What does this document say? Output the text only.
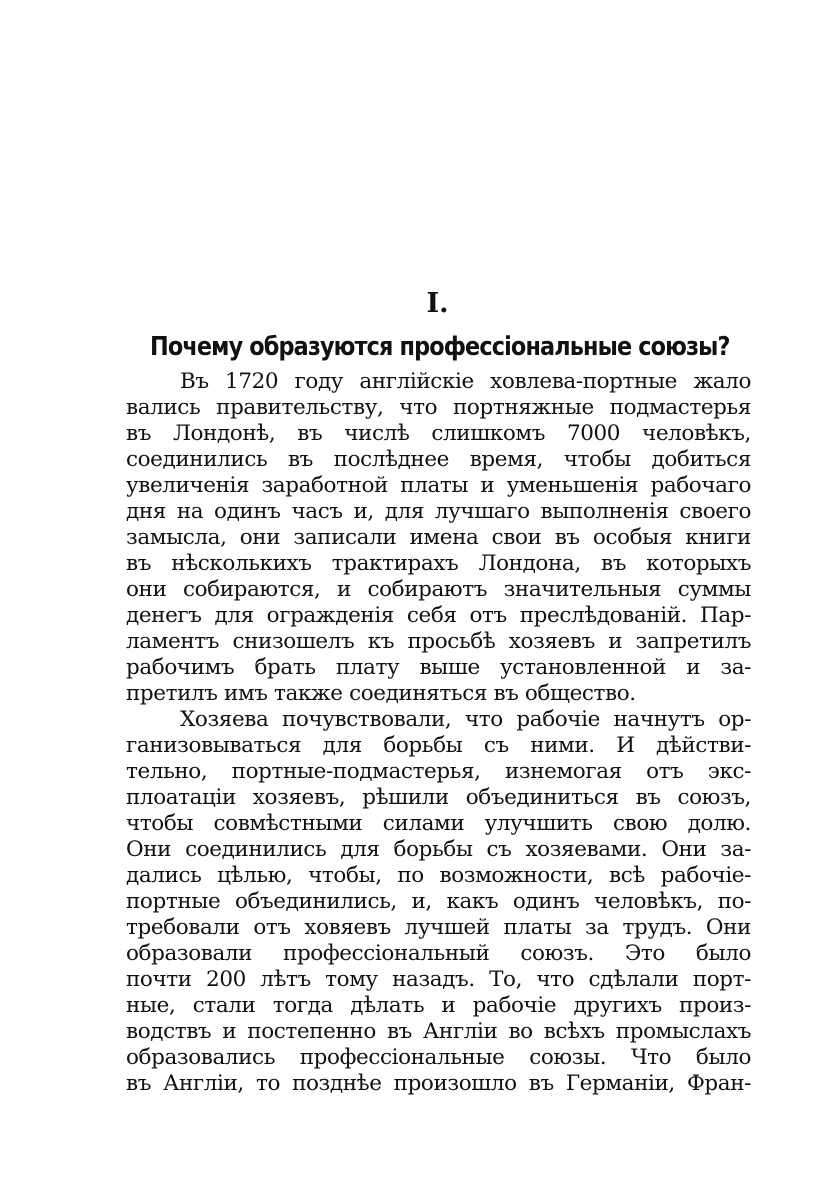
I.
Почему образуются профессіональные союзы?
Въ 1720 году англійскіе ховлева-портные жало
вались правительству, что портняжные подмастерья
въ Лондонѣ, въ числѣ слишкомъ 7000 человѣкъ,
соединились въ послѣднее время, чтобы добиться
увеличенія заработной платы и уменьшенія рабочаго
дня на одинъ часъ и, для лучшаго выполненія своего
замысла, они записали имена свои въ особыя книги
въ нѣсколькихъ трактирахъ Лондона, въ которыхъ
они собираются, и собираютъ значительныя суммы
денегъ для огражденія себя отъ преслѣдованій. Пар-
ламентъ снизошелъ къ просьбѣ хозяевъ и запретилъ
рабочимъ брать плату выше установленной и за-
претилъ имъ также соединяться въ общество.
Хозяева почувствовали, что рабочіе начнутъ ор-
ганизовываться для борьбы съ ними. И дѣйстви-
тельно, портные-подмастерья, изнемогая отъ экс-
плоатаціи хозяевъ, рѣшили объединиться въ союзъ,
чтобы совмѣстными силами улучшить свою долю.
Они соединились для борьбы съ хозяевами. Они за-
дались цѣлью, чтобы, по возможности, всѣ рабочіе-
портные объединились, и, какъ одинъ человѣкъ, по-
требовали отъ ховяевъ лучшей платы за трудъ. Они
образовали профессіональный союзъ. Это было
почти 200 лѣтъ тому назадъ. То, что сдѣлали порт-
ные, стали тогда дѣлать и рабочіе другихъ произ-
водствъ и постепенно въ Англіи во всѣхъ промыслахъ
образовались профессіональные союзы. Что было
въ Англіи, то позднѣе произошло въ Германіи, Фран-
